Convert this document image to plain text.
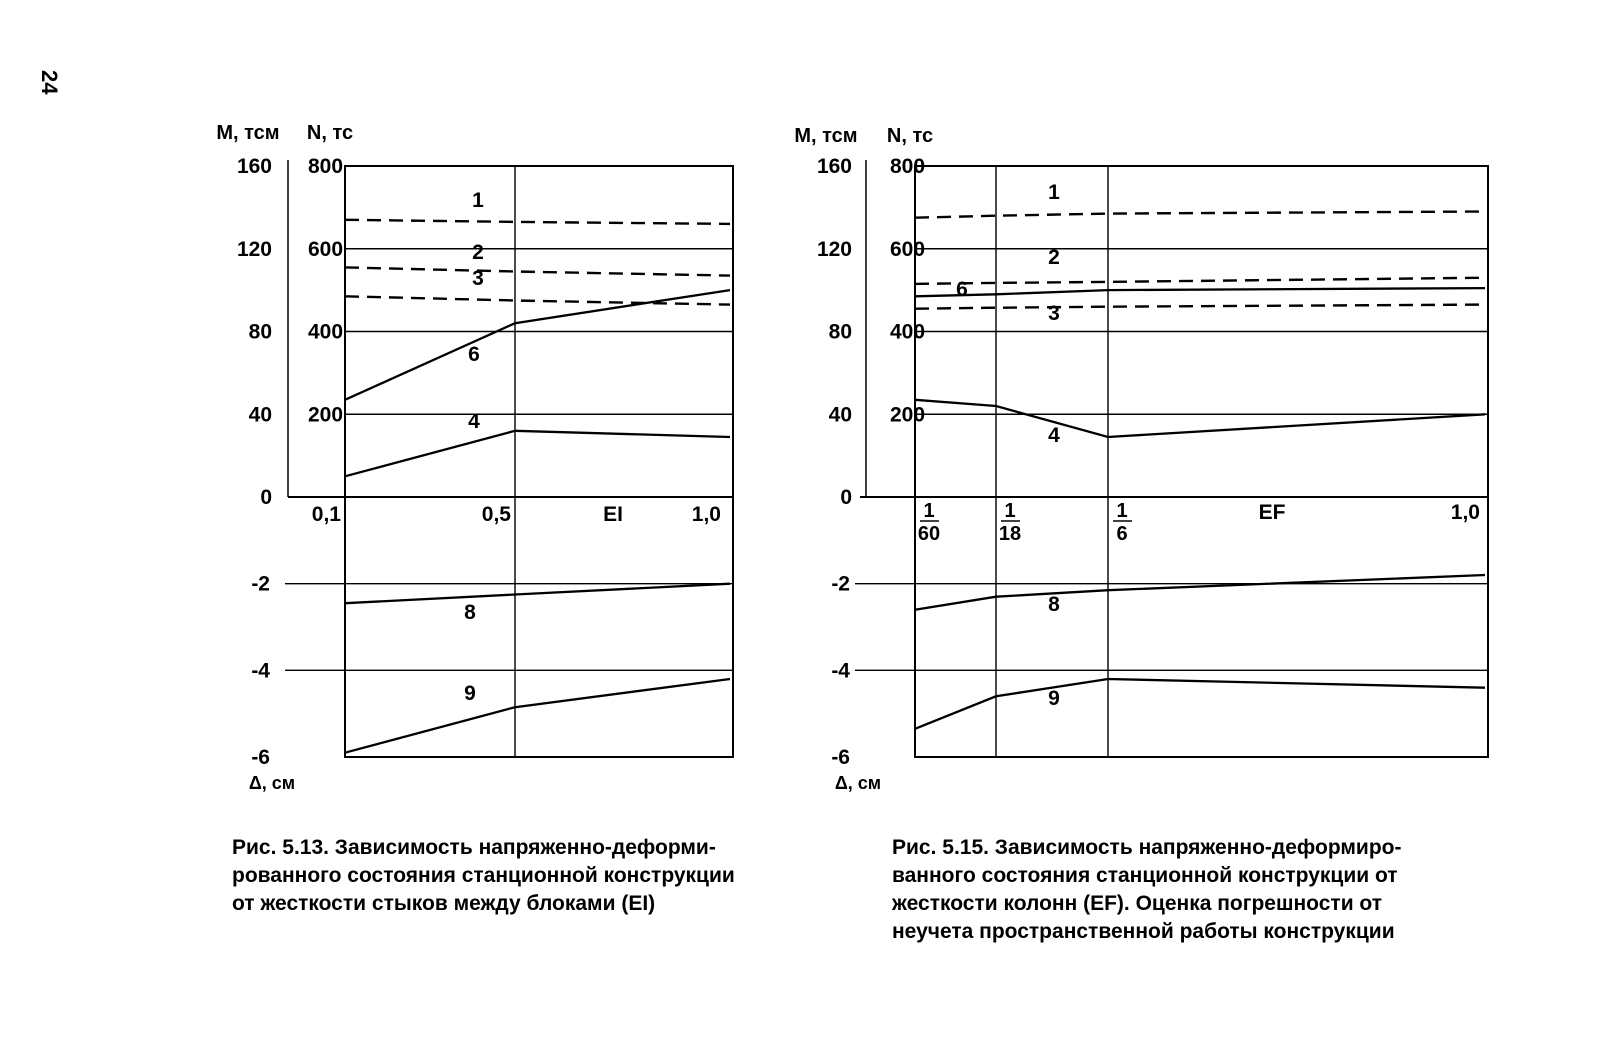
24
0
40
80
120
160
200
400
600
800
-2
-4
-6
M, тсм N, тс
Δ, см
0,1	0,5	1,0
EI
1
2
3
6
4
8
9
0
40
80
120
160
200
400
600
800
-2
-4
-6
M, тсм N, тс
Δ, см
1
60
1
18
1
6
1,0
EF
1
2
6
3
4
8
9
Рис. 5.13. Зависимость напряженно-деформи-
рованного состояния станционной конструкции
от жесткости стыков между блоками (EI)
Рис. 5.15. Зависимость напряженно-деформиро-
ванного состояния станционной конструкции от
жесткости колонн (EF). Оценка погрешности от
неучета пространственной работы конструкции
